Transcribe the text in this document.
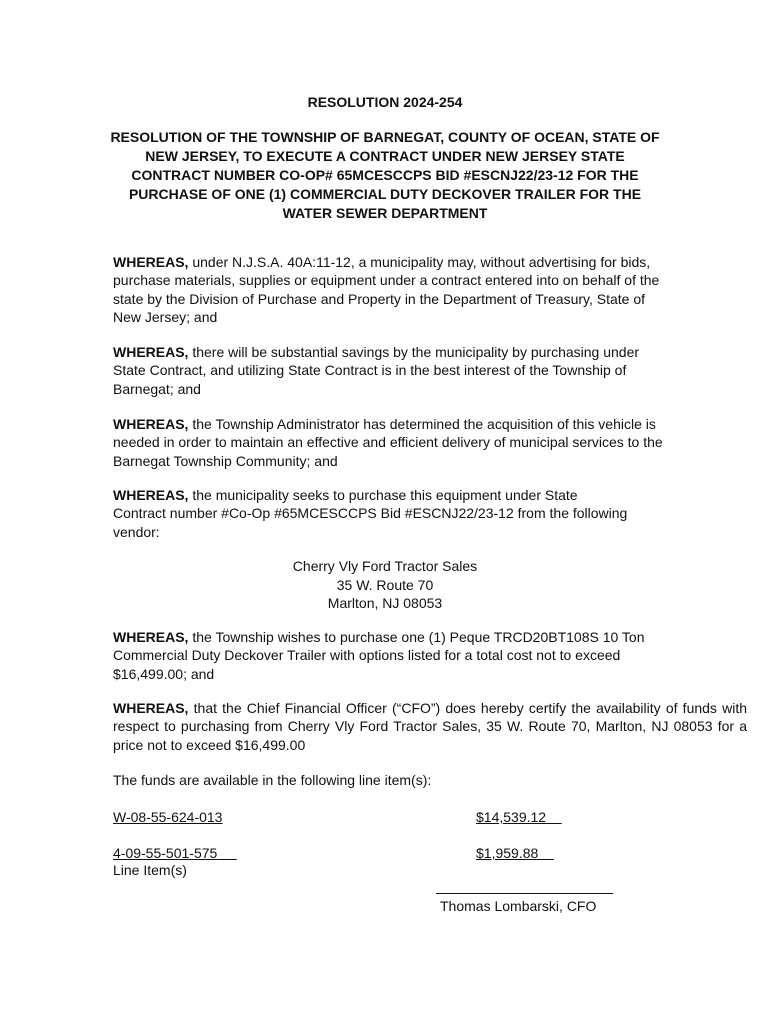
RESOLUTION 2024-254
RESOLUTION OF THE TOWNSHIP OF BARNEGAT, COUNTY OF OCEAN, STATE OF NEW JERSEY, TO EXECUTE A CONTRACT UNDER NEW JERSEY STATE CONTRACT NUMBER CO-OP# 65MCESCCPS BID #ESCNJ22/23-12 FOR THE PURCHASE OF ONE (1) COMMERCIAL DUTY DECKOVER TRAILER FOR THE WATER SEWER DEPARTMENT

WHEREAS, under N.J.S.A. 40A:11-12, a municipality may, without advertising for bids, purchase materials, supplies or equipment under a contract entered into on behalf of the state by the Division of Purchase and Property in the Department of Treasury, State of New Jersey; and

WHEREAS, there will be substantial savings by the municipality by purchasing under State Contract, and utilizing State Contract is in the best interest of the Township of Barnegat; and

WHEREAS, the Township Administrator has determined the acquisition of this vehicle is needed in order to maintain an effective and efficient delivery of municipal services to the Barnegat Township Community; and

WHEREAS, the municipality seeks to purchase this equipment under State Contract number #Co-Op #65MCESCCPS Bid #ESCNJ22/23-12 from the following vendor:

Cherry Vly Ford Tractor Sales
35 W. Route 70
Marlton, NJ 08053

WHEREAS, the Township wishes to purchase one (1) Peque TRCD20BT108S 10 Ton Commercial Duty Deckover Trailer with options listed for a total cost not to exceed $16,499.00; and

WHEREAS, that the Chief Financial Officer (“CFO”) does hereby certify the availability of funds with respect to purchasing from Cherry Vly Ford Tractor Sales, 35 W. Route 70, Marlton, NJ 08053 for a price not to exceed $16,499.00

The funds are available in the following line item(s):

W-08-55-624-013	$14,539.12
4-09-55-501-575	$1,959.88
Line Item(s)
Thomas Lombarski, CFO
